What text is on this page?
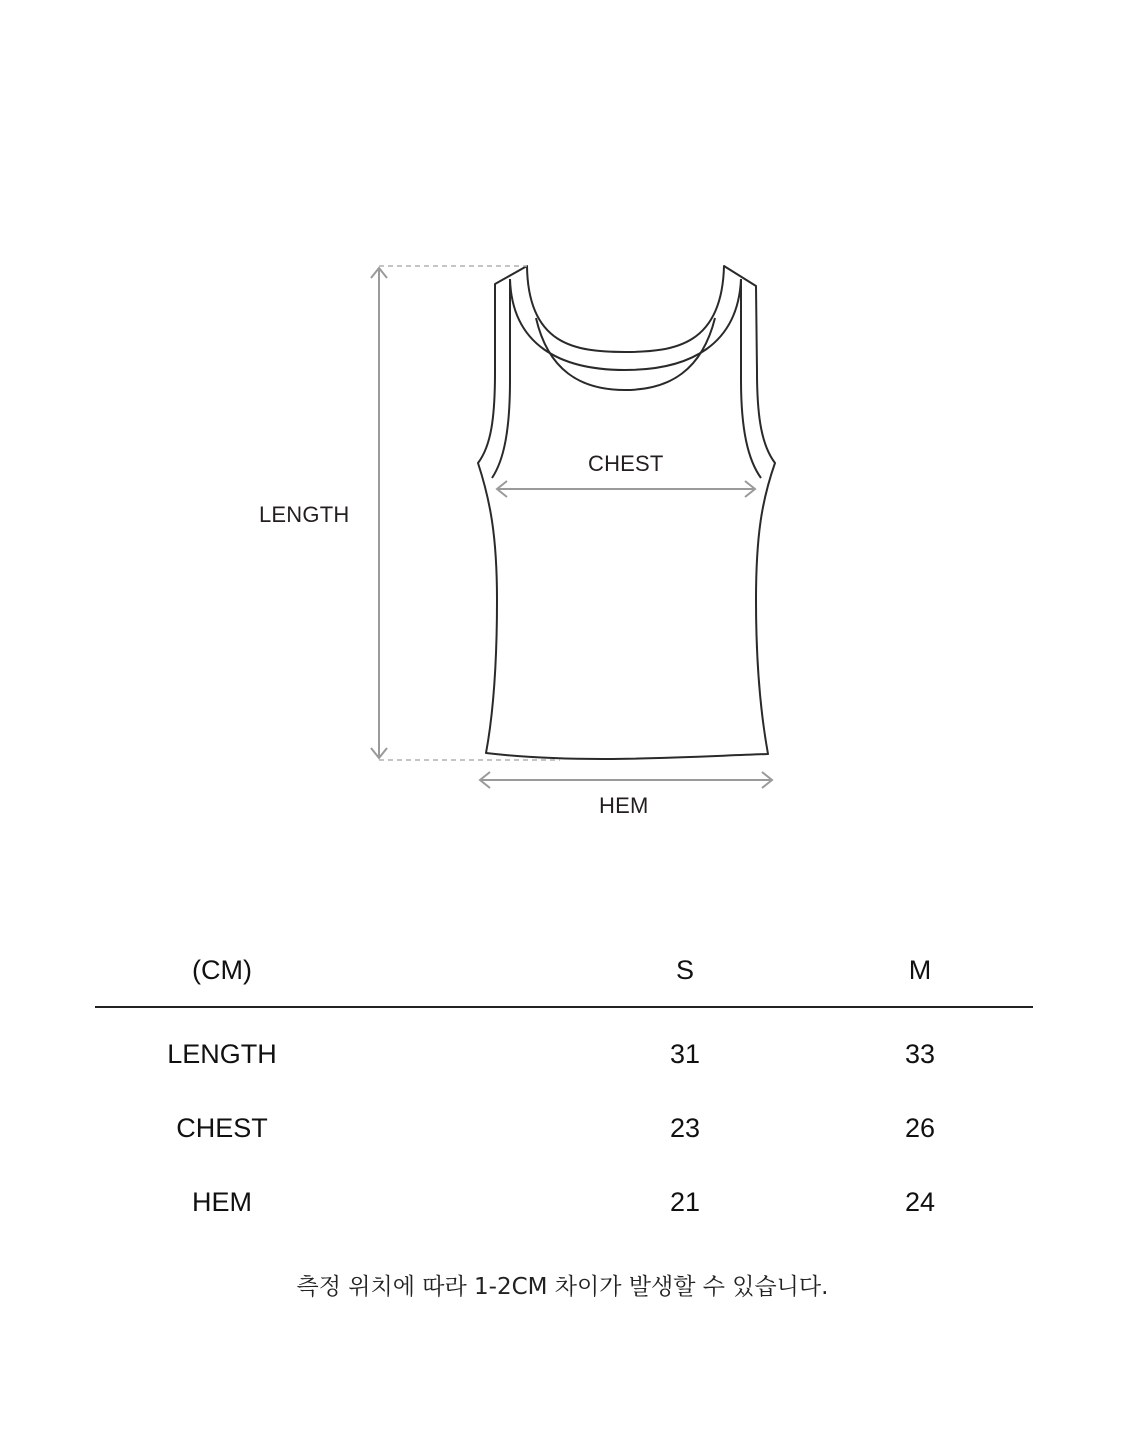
LENGTH
CHEST
HEM
(CM)	S	M
LENGTH	31	33
CHEST	23	26
HEM	21	24
측정 위치에 따라 1-2CM 차이가 발생할 수 있습니다.
